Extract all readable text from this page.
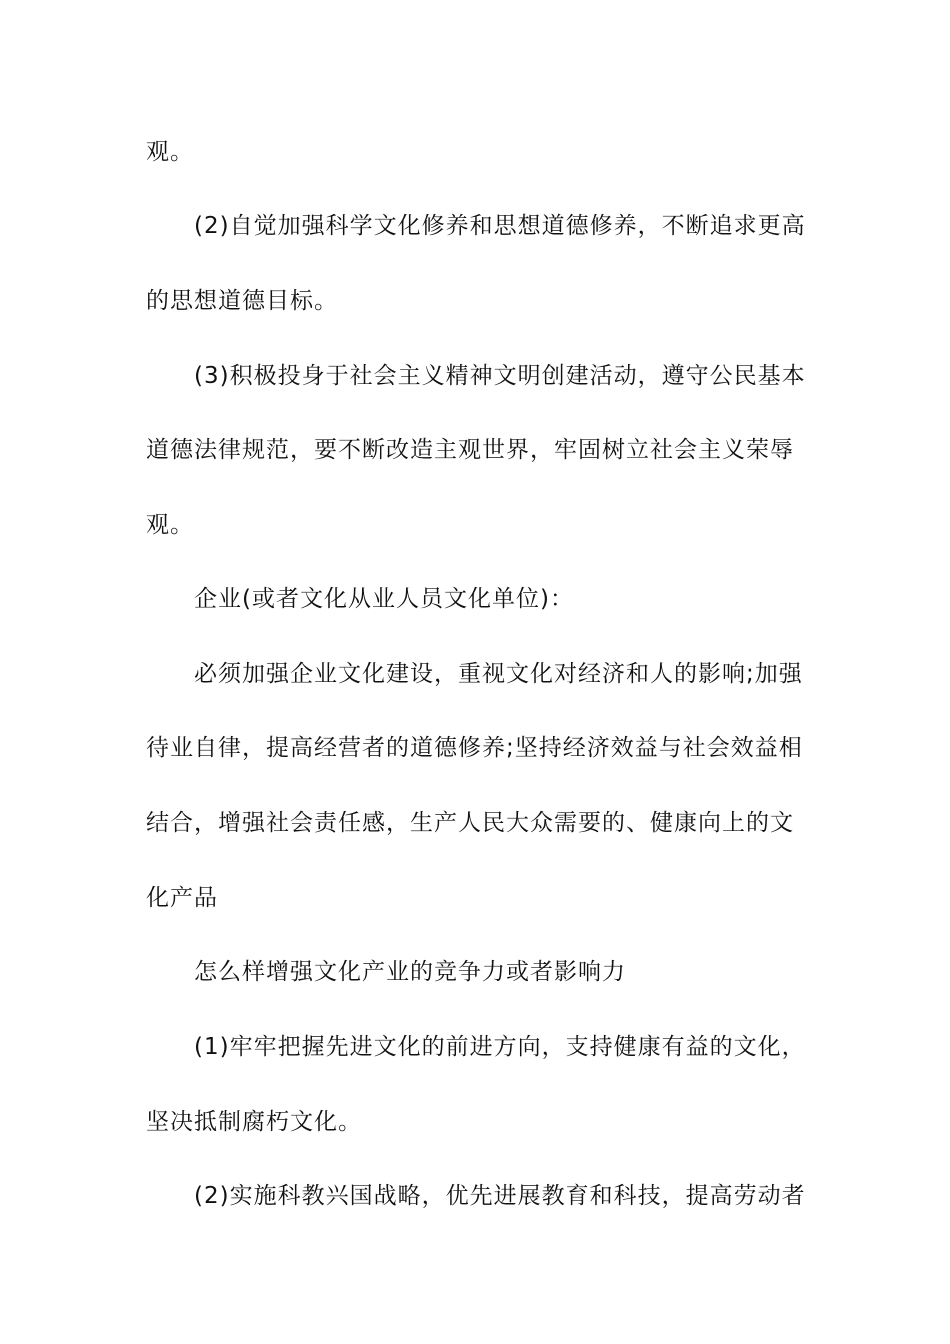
观。
(2)自觉加强科学文化修养和思想道德修养，不断追求更高
的思想道德目标。
(3)积极投身于社会主义精神文明创建活动，遵守公民基本
道德法律规范，要不断改造主观世界，牢固树立社会主义荣辱
观。
企业(或者文化从业人员文化单位)：
必须加强企业文化建设，重视文化对经济和人的影响;加强
待业自律，提高经营者的道德修养;坚持经济效益与社会效益相
结合，增强社会责任感，生产人民大众需要的、健康向上的文
化产品
怎么样增强文化产业的竞争力或者影响力
(1)牢牢把握先进文化的前进方向，支持健康有益的文化，
坚决抵制腐朽文化。
(2)实施科教兴国战略，优先进展教育和科技，提高劳动者
